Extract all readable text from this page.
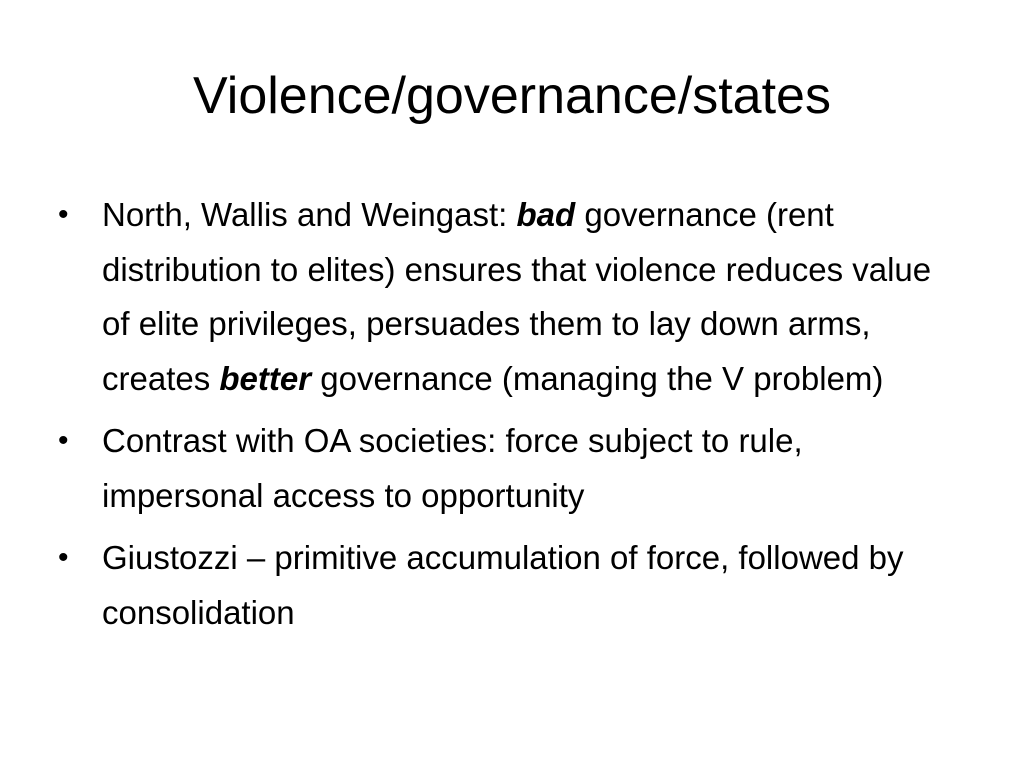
Violence/governance/states
• North, Wallis and Weingast: bad governance (rent distribution to elites) ensures that violence reduces value of elite privileges, persuades them to lay down arms, creates better governance (managing the V problem)
• Contrast with OA societies: force subject to rule, impersonal access to opportunity
• Giustozzi – primitive accumulation of force, followed by consolidation
